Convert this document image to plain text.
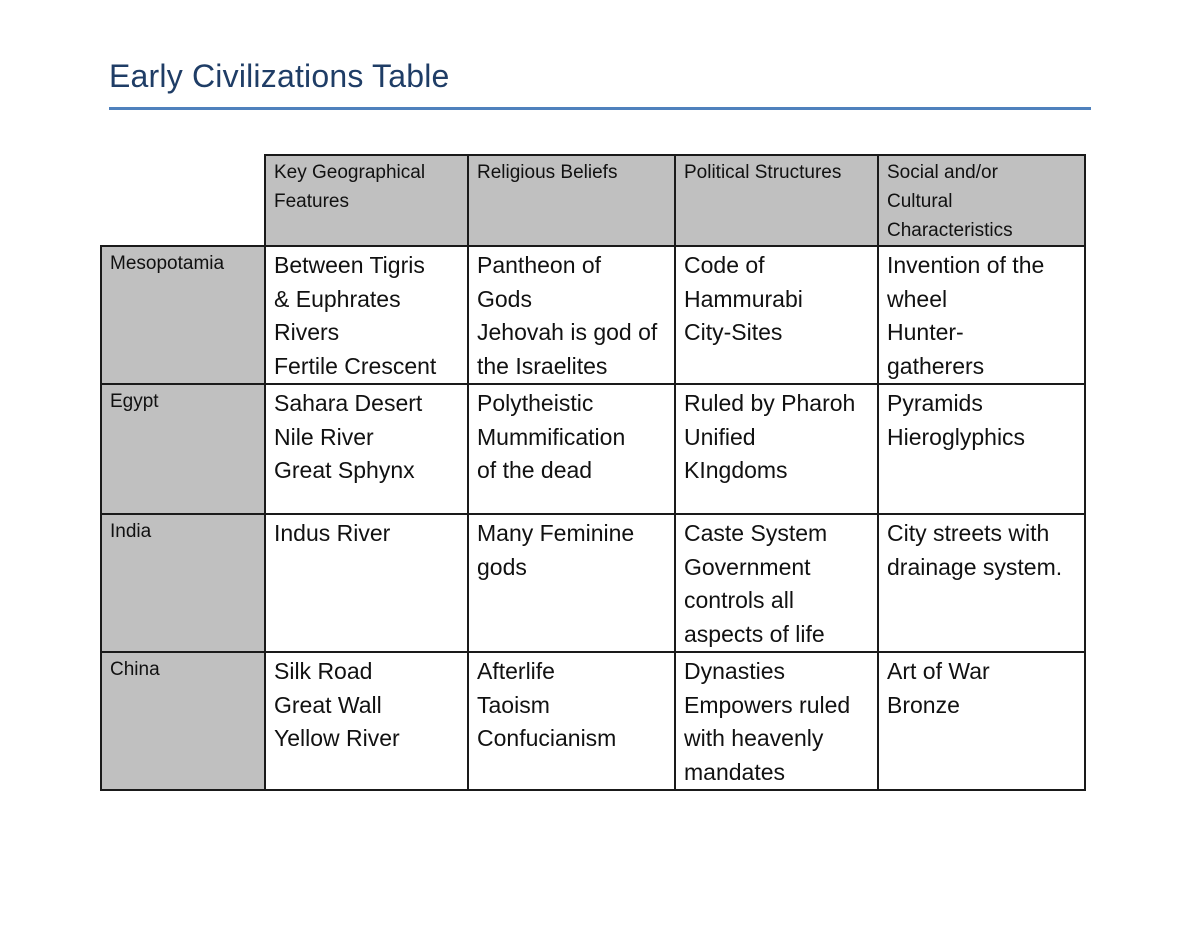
Early Civilizations Table

	Key Geographical
Features	Religious Beliefs	Political Structures	Social and/or
Cultural
Characteristics

Mesopotamia	Between Tigris
& Euphrates
Rivers
Fertile Crescent	Pantheon of
Gods
Jehovah is god of
the Israelites	Code of
Hammurabi
City-Sites	Invention of the
wheel
Hunter-
gatherers

Egypt	Sahara Desert
Nile River
Great Sphynx	Polytheistic
Mummification
of the dead	Ruled by Pharoh
Unified
KIngdoms	Pyramids
Hieroglyphics

India	Indus River	Many Feminine
gods	Caste System
Government
controls all
aspects of life	City streets with
drainage system.

China	Silk Road
Great Wall
Yellow River	Afterlife
Taoism
Confucianism	Dynasties
Empowers ruled
with heavenly
mandates	Art of War
Bronze
